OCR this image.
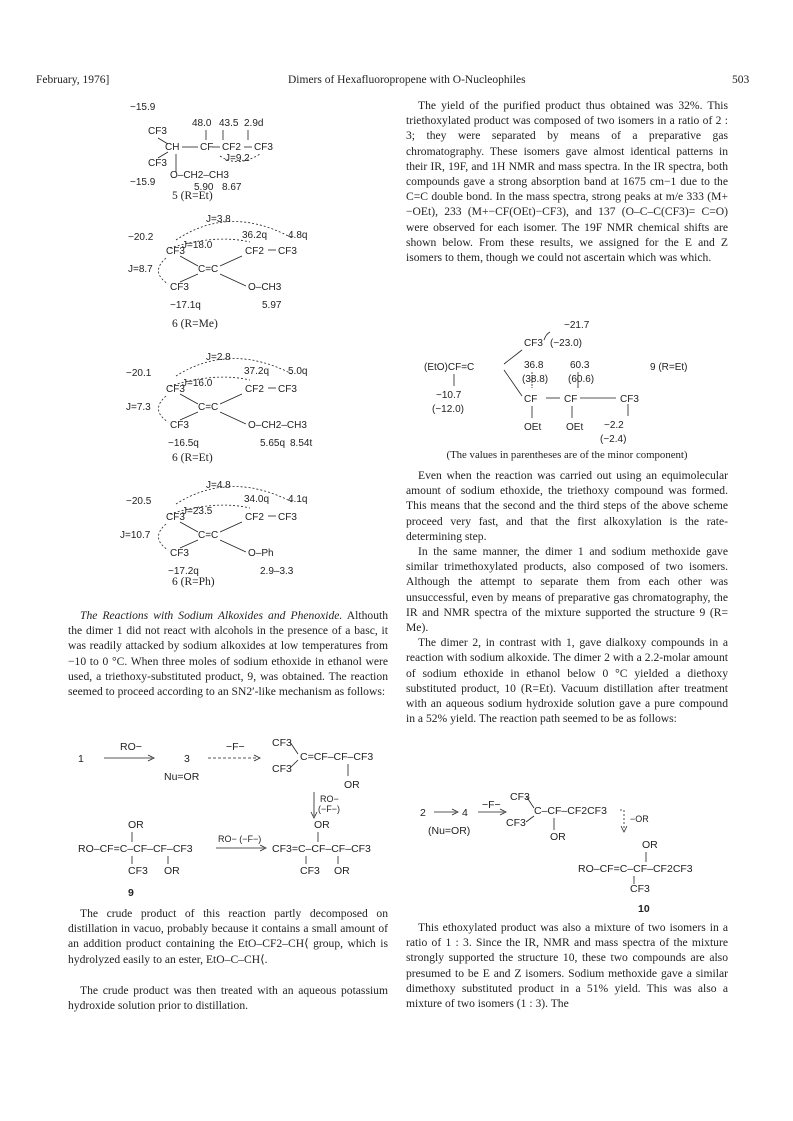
February, 1976]	Dimers of Hexafluoropropene with O-Nucleophiles	503
−15.9
48.0 43.5 2.9d
CF3
CH CF CF2 CF3
J=9.2
CF3
O–CH2–CH3
−15.9	5.90 8.67
5 (R=Et)
J=3.8
−20.2	36.2q 4.8q
J=18.0
CF3	CF2 CF3
J=8.7	C=C
CF3	O–CH3
−17.1q	5.97
6 (R=Me)
J=2.8
−20.1	37.2q 5.0q
J=16.0
CF3	CF2 CF3
J=7.3	C=C
CF3	O–CH2–CH3
−16.5q	5.65q 8.54t
6 (R=Et)
J=4.8
−20.5	34.0q 4.1q
J=23.5
CF3	CF2 CF3
J=10.7	C=C
CF3	O–Ph
−17.2q	2.9–3.3
6 (R=Ph)

The Reactions with Sodium Alkoxides and Phenoxide. Althouth the dimer 1 did not react with alcohols in the presence of a basc, it was readily attacked by sodium alkoxides at low temperatures from −10 to 0 °C. When three moles of sodium ethoxide in ethanol were used, a triethoxy-substituted product, 9, was obtained. The reaction seemed to proceed according to an SN2′-like mechanism as follows:

1
RO−
3
−F−
Nu=OR
CF3
CF3
C=CF–CF–CF3
OR
RO−
(−F−)
OR
RO–CF=C–CF–CF–CF3
CF3 OR
RO− (−F−)
OR
CF3=C–CF–CF–CF3
CF3 OR
9

The crude product of this reaction partly decomposed on distillation in vacuo, probably because it contains a small amount of an addition product containing the EtO–CF2–CH⟨ group, which is hydrolyzed easily to an ester, EtO–C–CH⟨.

The crude product was then treated with an aqueous potassium hydroxide solution prior to distillation.

The yield of the purified product thus obtained was 32%. This triethoxylated product was composed of two isomers in a ratio of 2 : 3; they were separated by means of a preparative gas chromatography. These isomers gave almost identical patterns in their IR, 19F, and 1H NMR and mass spectra. In the IR spectra, both compounds gave a strong absorption band at 1675 cm−1 due to the C=C double bond. In the mass spectra, strong peaks at m/e 333 (M+−OEt), 233 (M+−CF(OEt)−CF3), and 137 (O–C–C(CF3)= C=O) were observed for each isomer. The 19F NMR chemical shifts are shown below. From these results, we assigned for the E and Z isomers to them, though we could not ascertain which was which.

−21.7
CF3 (−23.0)
(EtO)CF=C	36.8	60.3
(38.8) (60.6)
9 (R=Et)
−10.7
(−12.0)
CF	CF	CF3
OEt OEt −2.2
(−2.4)

(The values in parentheses are of the minor component)

Even when the reaction was carried out using an equimolecular amount of sodium ethoxide, the triethoxy compound was formed. This means that the second and the third steps of the above scheme proceed very fast, and that the first alkoxylation is the rate-determining step.

In the same manner, the dimer 1 and sodium methoxide gave similar trimethoxylated products, also composed of two isomers. Although the attempt to separate them from each other was unsuccessful, even by means of preparative gas chromatography, the IR and NMR spectra of the mixture supported the structure 9 (R= Me).

The dimer 2, in contrast with 1, gave dialkoxy compounds in a reaction with sodium alkoxide. The dimer 2 with a 2.2-molar amount of sodium ethoxide in ethanol below 0 °C yielded a diethoxy substituted product, 10 (R=Et). Vacuum distillation after treatment with an aqueous sodium hydroxide solution gave a pure compound in a 52% yield. The reaction path seemed to be as follows:

2	4
−F−
(Nu=OR)
CF3
CF3
C–CF–CF2CF3
OR
−OR
OR
RO–CF=C–CF–CF2CF3
CF3
10

This ethoxylated product was also a mixture of two isomers in a ratio of 1 : 3. Since the IR, NMR and mass spectra of the mixture strongly supported the structure 10, these two compounds are also presumed to be E and Z isomers. Sodium methoxide gave a similar dimethoxy substituted product in a 51% yield. This was also a mixture of two isomers (1 : 3). The
